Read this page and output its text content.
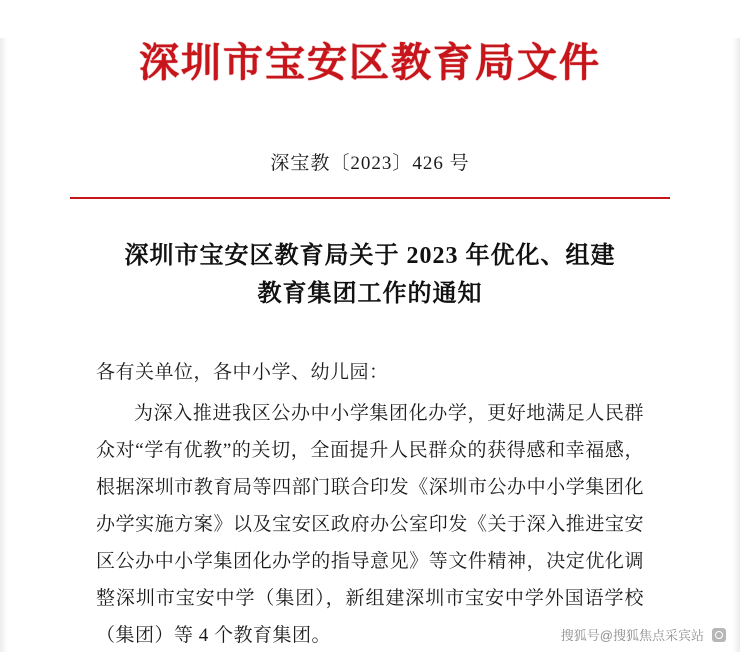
深圳市宝安区教育局文件
深宝教〔2023〕426 号
深圳市宝安区教育局关于 2023 年优化、组建
教育集团工作的通知

各有关单位，各中小学、幼儿园：

为深入推进我区公办中小学集团化办学，更好地满足人民群众对“学有优教”的关切，全面提升人民群众的获得感和幸福感，根据深圳市教育局等四部门联合印发《深圳市公办中小学集团化办学实施方案》以及宝安区政府办公室印发《关于深入推进宝安区公办中小学集团化办学的指导意见》等文件精神，决定优化调整深圳市宝安中学（集团），新组建深圳市宝安中学外国语学校（集团）等 4 个教育集团。	搜狐号@搜狐焦点采宾站
